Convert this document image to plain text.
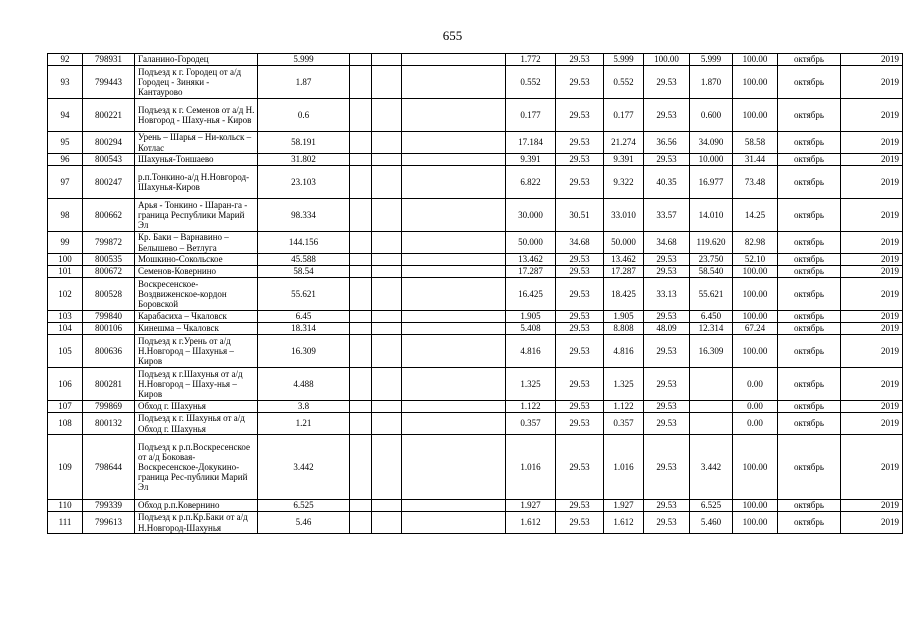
655
92	798931	Галанино-Городец	5.999				1.772	29.53	5.999	100.00	5.999	100.00	октябрь	2019
93	799443	Подъезд к г. Городец от а/д Городец - Зиняки - Кантаурово	1.87				0.552	29.53	0.552	29.53	1.870	100.00	октябрь	2019
94	800221	Подъезд к г. Семенов от а/д Н. Новгород - Шаху-нья - Киров	0.6				0.177	29.53	0.177	29.53	0.600	100.00	октябрь	2019
95	800294	Урень – Шарья – Ни-кольск – Котлас	58.191				17.184	29.53	21.274	36.56	34.090	58.58	октябрь	2019
96	800543	Шахунья-Тоншаево	31.802				9.391	29.53	9.391	29.53	10.000	31.44	октябрь	2019
97	800247	р.п.Тонкино-а/д Н.Новгород-Шахунья-Киров	23.103				6.822	29.53	9.322	40.35	16.977	73.48	октябрь	2019
98	800662	Арья - Тонкино - Шаран-га - граница Республики Марий Эл	98.334				30.000	30.51	33.010	33.57	14.010	14.25	октябрь	2019
99	799872	Кр. Баки – Варнавино – Белышево – Ветлуга	144.156				50.000	34.68	50.000	34.68	119.620	82.98	октябрь	2019
100	800535	Мошкино-Сокольское	45.588				13.462	29.53	13.462	29.53	23.750	52.10	октябрь	2019
101	800672	Семенов-Ковернино	58.54				17.287	29.53	17.287	29.53	58.540	100.00	октябрь	2019
102	800528	Воскресенское-Воздвиженское-кордон Боровской	55.621				16.425	29.53	18.425	33.13	55.621	100.00	октябрь	2019
103	799840	Карабасиха – Чкаловск	6.45				1.905	29.53	1.905	29.53	6.450	100.00	октябрь	2019
104	800106	Кинешма – Чкаловск	18.314				5.408	29.53	8.808	48.09	12.314	67.24	октябрь	2019
105	800636	Подъезд к г.Урень от а/д Н.Новгород – Шахунья – Киров	16.309				4.816	29.53	4.816	29.53	16.309	100.00	октябрь	2019
106	800281	Подъезд к г.Шахунья от а/д Н.Новгород – Шаху-нья – Киров	4.488				1.325	29.53	1.325	29.53		0.00	октябрь	2019
107	799869	Обход г. Шахунья	3.8				1.122	29.53	1.122	29.53		0.00	октябрь	2019
108	800132	Подъезд к г. Шахунья от а/д Обход г. Шахунья	1.21				0.357	29.53	0.357	29.53		0.00	октябрь	2019
109	798644	Подъезд к р.п.Воскресенское от а/д Боковая-Воскресенское-Докукино-граница Рес-публики Марий Эл	3.442				1.016	29.53	1.016	29.53	3.442	100.00	октябрь	2019
110	799339	Обход р.п.Ковернино	6.525				1.927	29.53	1.927	29.53	6.525	100.00	октябрь	2019
111	799613	Подъезд к р.п.Кр.Баки от а/д Н.Новгород-Шахунья	5.46				1.612	29.53	1.612	29.53	5.460	100.00	октябрь	2019
